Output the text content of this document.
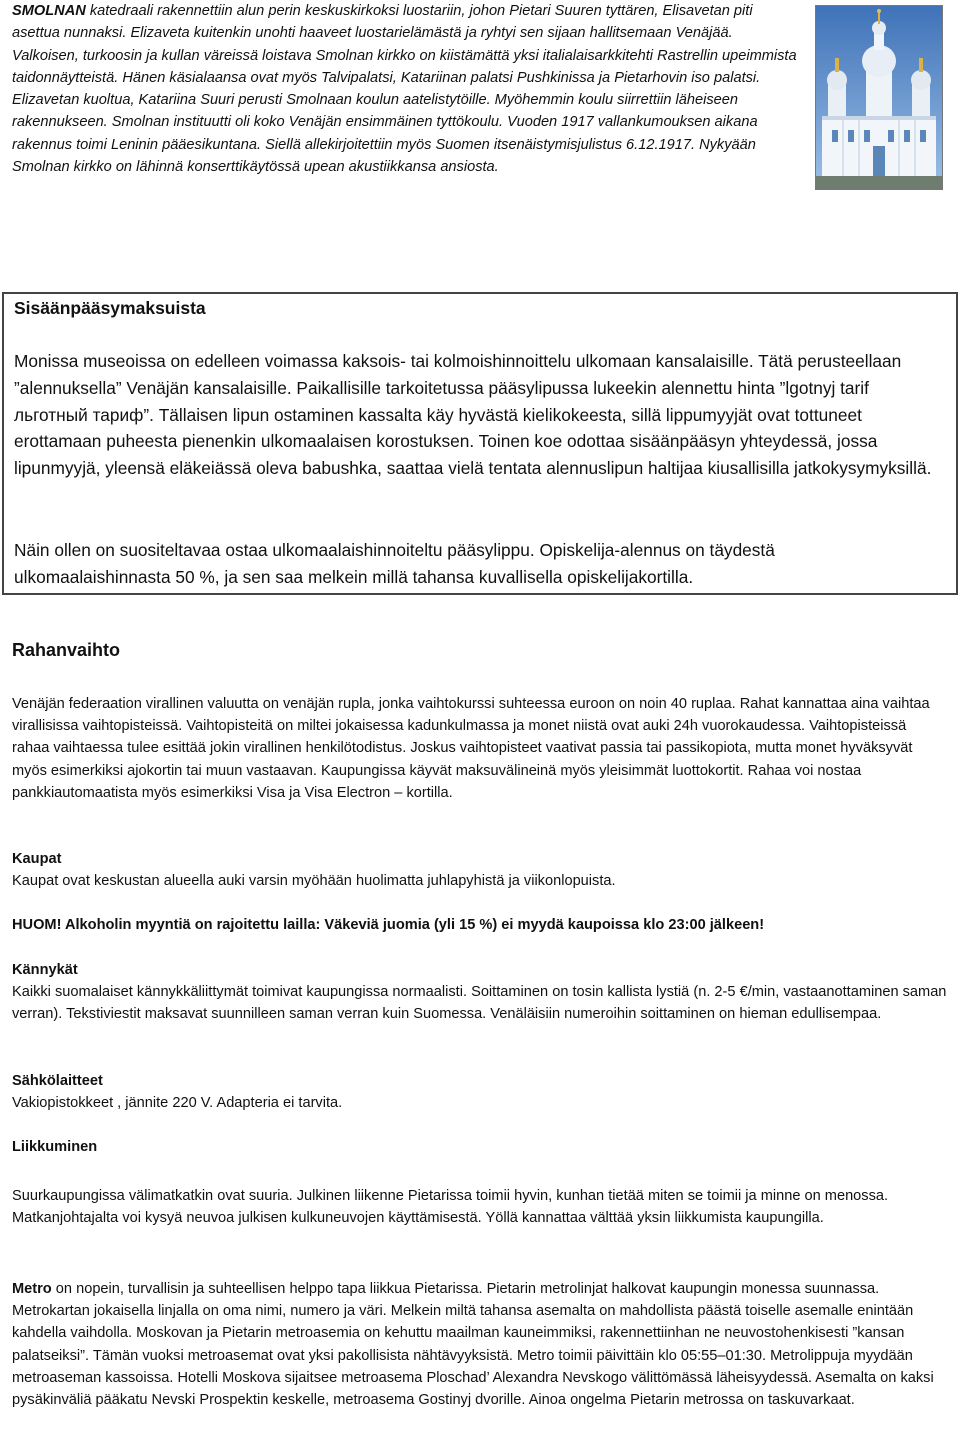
SMOLNAN katedraali rakennettiin alun perin keskuskirkoksi luostariin, johon Pietari Suuren tyttären, Elisavetan piti asettua nunnaksi. Elizaveta kuitenkin unohti haaveet luostarielämästä ja ryhtyi sen sijaan hallitsemaan Venäjää. Valkoisen, turkoosin ja kullan väreissä loistava Smolnan kirkko on kiistämättä yksi italialaisarkkitehti Rastrellin upeimmista taidonnäytteistä. Hänen käsialaansa ovat myös Talvipalatsi, Katariinan palatsi Pushkinissa ja Pietarhovin iso palatsi. Elizavetan kuoltua, Katariina Suuri perusti Smolnaan koulun aatelistytöille. Myöhemmin koulu siirrettiin läheiseen rakennukseen. Smolnan instituutti oli koko Venäjän ensimmäinen tyttökoulu. Vuoden 1917 vallankumouksen aikana rakennus toimi Leninin pääesikuntana. Siellä allekirjoitettiin myös Suomen itsenäistymisjulistus 6.12.1917. Nykyään Smolnan kirkko on lähinnä konserttikäytössä upean akustiikkansa ansiosta.
Sisäänpääsymaksuista

Monissa museoissa on edelleen voimassa kaksois- tai kolmoishinnoittelu ulkomaan kansalaisille. Tätä perusteellaan ”alennuksella” Venäjän kansalaisille. Paikallisille tarkoitetussa pääsylipussa lukeekin alennettu hinta ”lgotnyj tarif льготный тариф”. Tällaisen lipun ostaminen kassalta käy hyvästä kielikokeesta, sillä lippumyyjät ovat tottuneet erottamaan puheesta pienenkin ulkomaalaisen korostuksen. Toinen koe odottaa sisäänpääsyn yhteydessä, jossa lipunmyyjä, yleensä eläkeiässä oleva babushka, saattaa vielä tentata alennuslipun haltijaa kiusallisilla jatkokysymyksillä.

Näin ollen on suositeltavaa ostaa ulkomaalaishinnoiteltu pääsylippu. Opiskelija-alennus on täydestä ulkomaalaishinnasta 50 %, ja sen saa melkein millä tahansa kuvallisella opiskelijakortilla.

Rahanvaihto

Venäjän federaation virallinen valuutta on venäjän rupla, jonka vaihtokurssi suhteessa euroon on noin 40 ruplaa. Rahat kannattaa aina vaihtaa virallisissa vaihtopisteissä. Vaihtopisteitä on miltei jokaisessa kadunkulmassa ja monet niistä ovat auki 24h vuorokaudessa. Vaihtopisteissä rahaa vaihtaessa tulee esittää jokin virallinen henkilötodistus. Joskus vaihtopisteet vaativat passia tai passikopiota, mutta monet hyväksyvät myös esimerkiksi ajokortin tai muun vastaavan. Kaupungissa käyvät maksuvälineinä myös yleisimmät luottokortit. Rahaa voi nostaa pankkiautomaatista myös esimerkiksi Visa ja Visa Electron – kortilla.

Kaupat

Kaupat ovat keskustan alueella auki varsin myöhään huolimatta juhlapyhistä ja viikonlopuista.

HUOM! Alkoholin myyntiä on rajoitettu lailla: Väkeviä juomia (yli 15 %) ei myydä kaupoissa klo 23:00 jälkeen!

Kännykät

Kaikki suomalaiset kännykkäliittymät toimivat kaupungissa normaalisti. Soittaminen on tosin kallista lystiä (n. 2-5 €/min, vastaanottaminen saman verran). Tekstiviestit maksavat suunnilleen saman verran kuin Suomessa. Venäläisiin numeroihin soittaminen on hieman edullisempaa.

Sähkölaitteet

Vakiopistokkeet , jännite 220 V. Adapteria ei tarvita.

Liikkuminen

Suurkaupungissa välimatkatkin ovat suuria. Julkinen liikenne Pietarissa toimii hyvin, kunhan tietää miten se toimii ja minne on menossa. Matkanjohtajalta voi kysyä neuvoa julkisen kulkuneuvojen käyttämisestä. Yöllä kannattaa välttää yksin liikkumista kaupungilla.

Metro on nopein, turvallisin ja suhteellisen helppo tapa liikkua Pietarissa. Pietarin metrolinjat halkovat kaupungin monessa suunnassa. Metrokartan jokaisella linjalla on oma nimi, numero ja väri. Melkein miltä tahansa asemalta on mahdollista päästä toiselle asemalle enintään kahdella vaihdolla. Moskovan ja Pietarin metroasemia on kehuttu maailman kauneimmiksi, rakennettiinhan ne neuvostohenkisesti ”kansan palatseiksi”. Tämän vuoksi metroasemat ovat yksi pakollisista nähtävyyksistä. Metro toimii päivittäin klo 05:55–01:30. Metrolippuja myydään metroaseman kassoissa. Hotelli Moskova sijaitsee metroasema Ploschad’ Alexandra Nevskogo välittömässä läheisyydessä. Asemalta on kaksi pysäkinväliä pääkatu Nevski Prospektin keskelle, metroasema Gostinyj dvorille. Ainoa ongelma Pietarin metrossa on taskuvarkaat.
